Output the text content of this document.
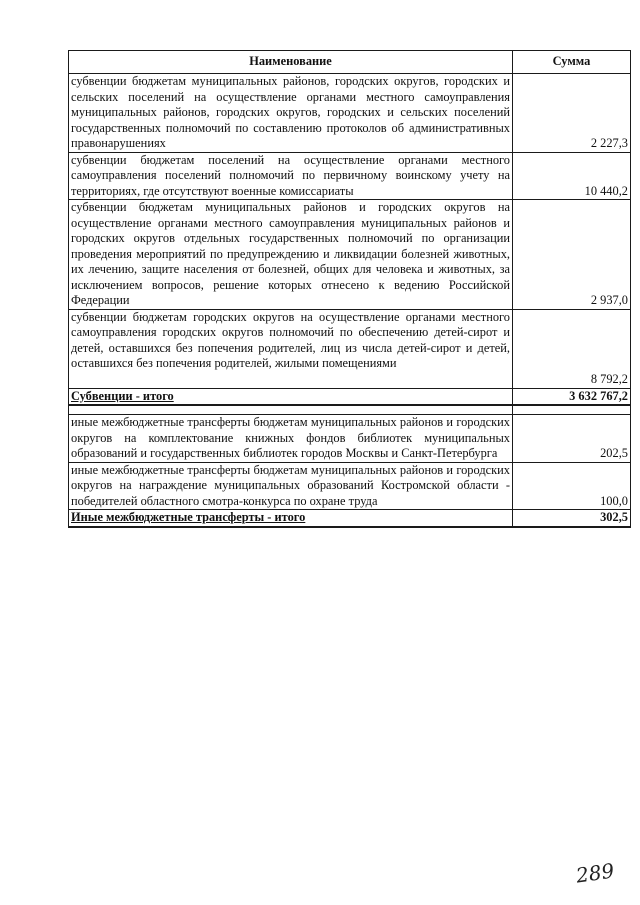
Наименование	Сумма
субвенции бюджетам муниципальных районов, городских округов, городских и сельских поселений на осуществление органами местного самоуправления муниципальных районов, городских округов, городских и сельских поселений государственных полномочий по составлению протоколов об административных правонарушениях	2 227,3
субвенции бюджетам поселений на осуществление органами местного самоуправления поселений полномочий по первичному воинскому учету на территориях, где отсутствуют военные комиссариаты	10 440,2
субвенции бюджетам муниципальных районов и городских округов на осуществление органами местного самоуправления муниципальных районов и городских округов отдельных государственных полномочий по организации проведения мероприятий по предупреждению и ликвидации болезней животных, их лечению, защите населения от болезней, общих для человека и животных, за исключением вопросов, решение которых отнесено к ведению Российской Федерации	2 937,0
субвенции бюджетам городских округов на осуществление органами местного самоуправления городских округов полномочий по обеспечению детей-сирот и детей, оставшихся без попечения родителей, лиц из числа детей-сирот и детей, оставшихся без попечения родителей, жилыми помещениями	8 792,2
Субвенции - итого	3 632 767,2

иные межбюджетные трансферты бюджетам муниципальных районов и городских округов на комплектование книжных фондов библиотек муниципальных образований и государственных библиотек городов Москвы и Санкт-Петербурга	202,5
иные межбюджетные трансферты бюджетам муниципальных районов и городских округов на награждение муниципальных образований Костромской области - победителей областного смотра-конкурса по охране труда	100,0
Иные межбюджетные трансферты - итого	302,5
289
